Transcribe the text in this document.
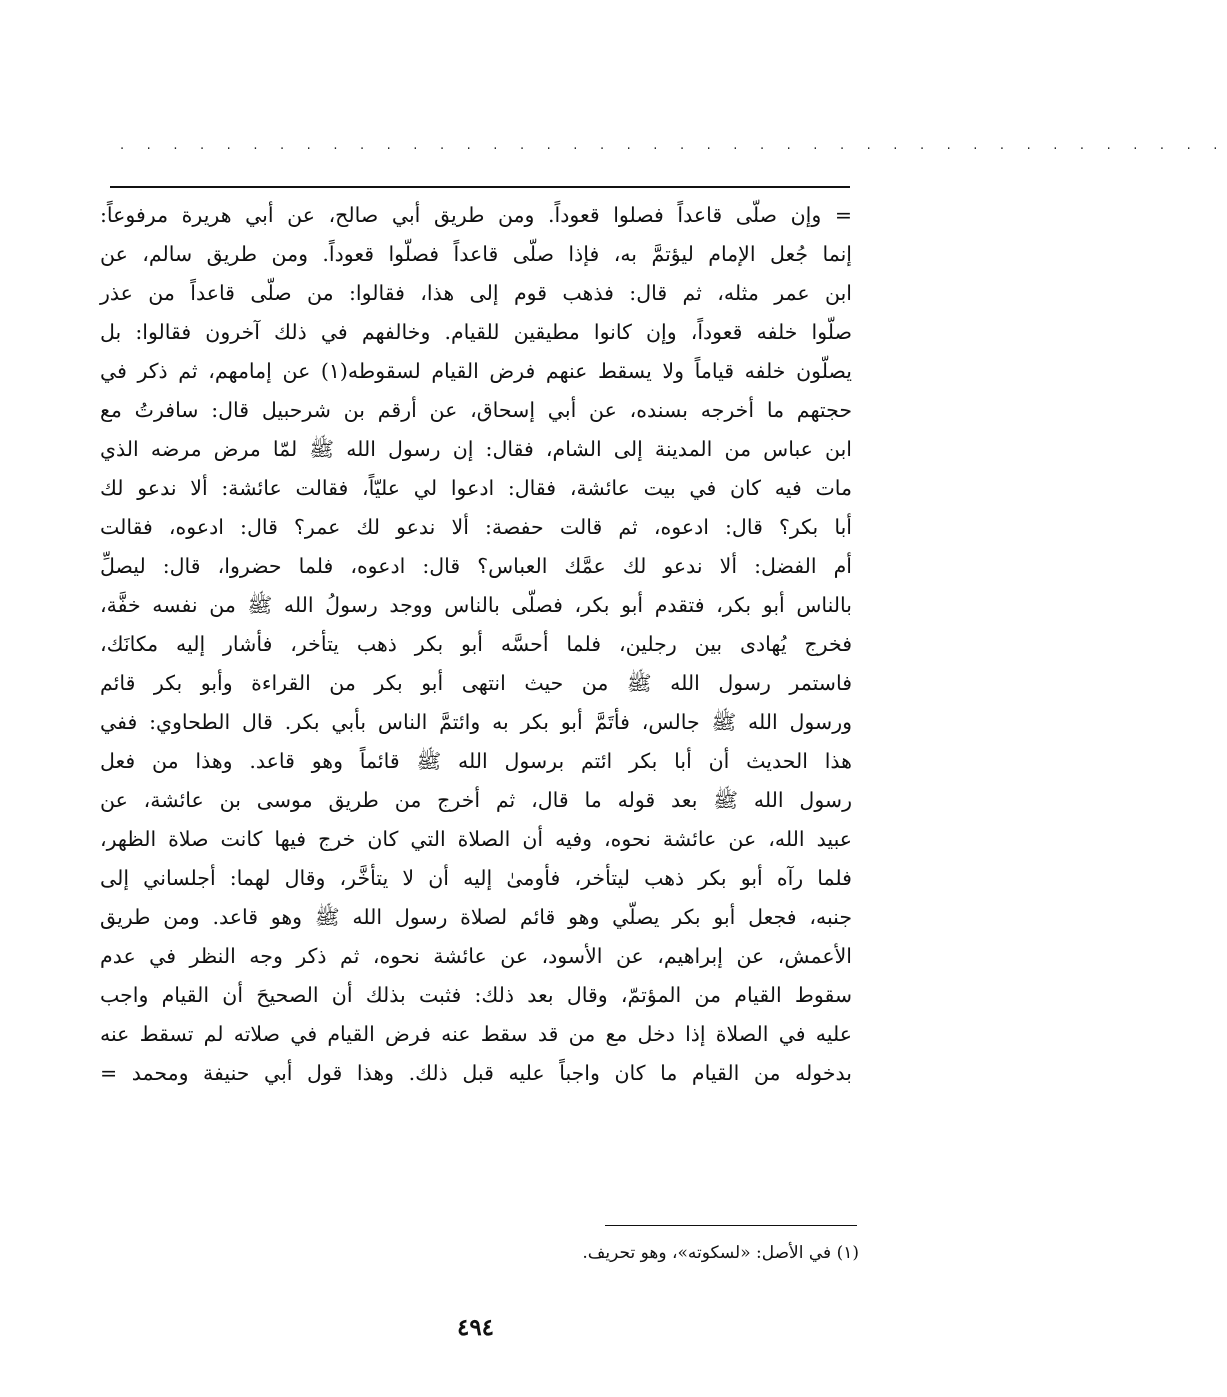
. . . . . . . . . . . . . . . . . . . . . . . . . . . . . . . . . . . . . . . . . .
= وإن صلّى قاعداً فصلوا قعوداً. ومن طريق أبي صالح، عن أبي هريرة مرفوعاً:
إنما جُعل الإمام ليؤتمَّ به، فإذا صلّى قاعداً فصلّوا قعوداً. ومن طريق سالم، عن
ابن عمر مثله، ثم قال: فذهب قوم إلى هذا، فقالوا: من صلّى قاعداً من عذر
صلّوا خلفه قعوداً، وإن كانوا مطيقين للقيام. وخالفهم في ذلك آخرون فقالوا: بل
يصلّون خلفه قياماً ولا يسقط عنهم فرض القيام لسقوطه(١) عن إمامهم، ثم ذكر في
حجتهم ما أخرجه بسنده، عن أبي إسحاق، عن أرقم بن شرحبيل قال: سافرتُ مع
ابن عباس من المدينة إلى الشام، فقال: إن رسول الله ﷺ لمّا مرض مرضه الذي
مات فيه كان في بيت عائشة، فقال: ادعوا لي عليّاً، فقالت عائشة: ألا ندعو لك
أبا بكر؟ قال: ادعوه، ثم قالت حفصة: ألا ندعو لك عمر؟ قال: ادعوه، فقالت
أم الفضل: ألا ندعو لك عمَّك العباس؟ قال: ادعوه، فلما حضروا، قال: ليصلِّ
بالناس أبو بكر، فتقدم أبو بكر، فصلّى بالناس ووجد رسولُ الله ﷺ من نفسه خفَّة،
فخرج يُهادى بين رجلين، فلما أحسَّه أبو بكر ذهب يتأخر، فأشار إليه مكانَك،
فاستمر رسول الله ﷺ من حيث انتهى أبو بكر من القراءة وأبو بكر قائم
ورسول الله ﷺ جالس، فأتَمَّ أبو بكر به وائتمَّ الناس بأبي بكر. قال الطحاوي: ففي
هذا الحديث أن أبا بكر ائتم برسول الله ﷺ قائماً وهو قاعد. وهذا من فعل
رسول الله ﷺ بعد قوله ما قال، ثم أخرج من طريق موسى بن عائشة، عن
عبيد الله، عن عائشة نحوه، وفيه أن الصلاة التي كان خرج فيها كانت صلاة الظهر،
فلما رآه أبو بكر ذهب ليتأخر، فأومىٰ إليه أن لا يتأخَّر، وقال لهما: أجلساني إلى
جنبه، فجعل أبو بكر يصلّي وهو قائم لصلاة رسول الله ﷺ وهو قاعد. ومن طريق
الأعمش، عن إبراهيم، عن الأسود، عن عائشة نحوه، ثم ذكر وجه النظر في عدم
سقوط القيام من المؤتمّ، وقال بعد ذلك: فثبت بذلك أن الصحيحَ أن القيام واجب
عليه في الصلاة إذا دخل مع من قد سقط عنه فرض القيام في صلاته لم تسقط عنه
بدخوله من القيام ما كان واجباً عليه قبل ذلك. وهذا قول أبي حنيفة ومحمد =
(١) في الأصل: «لسكوته»، وهو تحريف.
٤٩٤
